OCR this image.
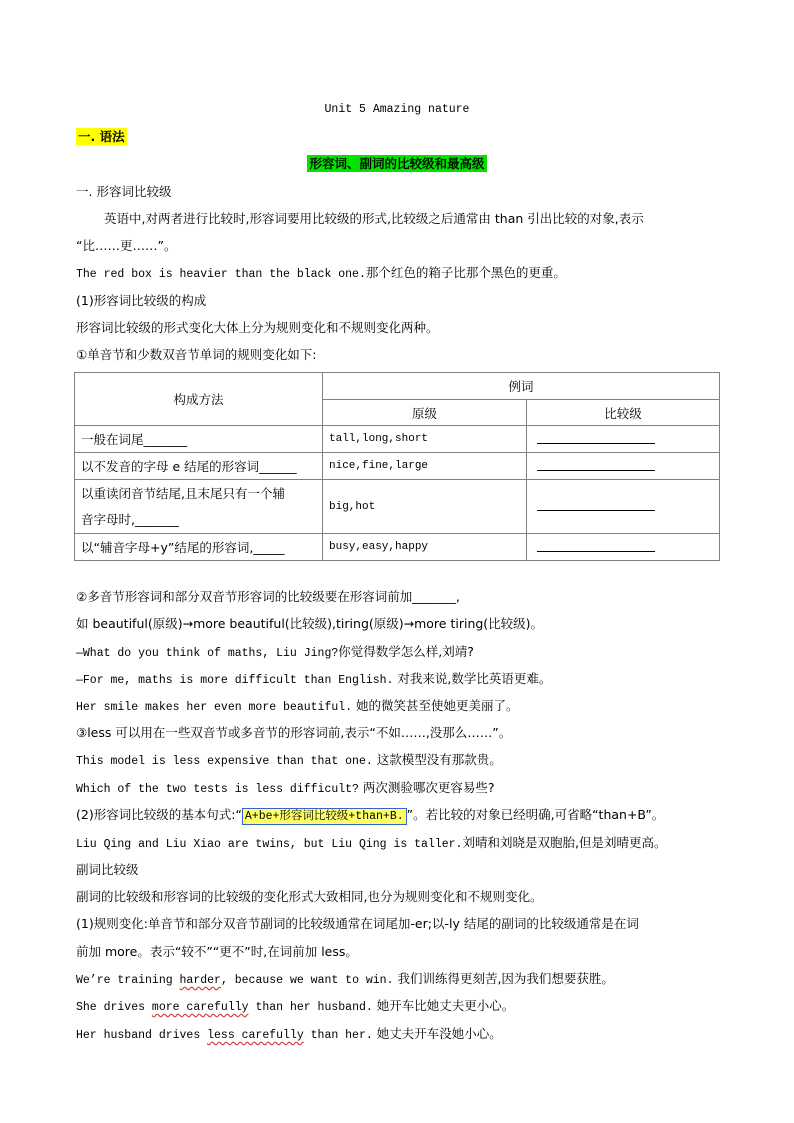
Unit 5 Amazing nature
一. 语法
形容词、副词的比较级和最高级
一. 形容词比较级
英语中,对两者进行比较时,形容词要用比较级的形式,比较级之后通常由 than 引出比较的对象,表示
“比……更……”。
The red box is heavier than the black one.那个红色的箱子比那个黑色的更重。
(1)形容词比较级的构成
形容词比较级的形式变化大体上分为规则变化和不规则变化两种。
①单音节和少数双音节单词的规则变化如下:
构成方法	例词	
	原级	比较级
一般在词尾_______	tall,long,short	
以不发音的字母 e 结尾的形容词______	nice,fine,large	

以重读闭音节结尾,且末尾只有一个辅
音字母时,_______	big,hot	
以“辅音字母+y”结尾的形容词,_____	busy,easy,happy	
②多音节形容词和部分双音节形容词的比较级要在形容词前加_______,
如 beautiful(原级)→more beautiful(比较级),tiring(原级)→more tiring(比较级)。
—What do you think of maths, Liu Jing?你觉得数学怎么样,刘靖?
—For me, maths is more difficult than English. 对我来说,数学比英语更难。
Her smile makes her even more beautiful. 她的微笑甚至使她更美丽了。
③less 可以用在一些双音节或多音节的形容词前,表示“不如……,没那么……”。
This model is less expensive than that one. 这款模型没有那款贵。
Which of the two tests is less difficult? 两次测验哪次更容易些?
(2)形容词比较级的基本句式:“ A+be+形容词比较级+than+B. ”。若比较的对象已经明确,可省略“than+B”。
Liu Qing and Liu Xiao are twins, but Liu Qing is taller.刘晴和刘晓是双胞胎,但是刘晴更高。
副词比较级
副词的比较级和形容词的比较级的变化形式大致相同,也分为规则变化和不规则变化。
(1)规则变化:单音节和部分双音节副词的比较级通常在词尾加-er;以-ly 结尾的副词的比较级通常是在词
前加 more。表示“较不”“更不”时,在词前加 less。
We’re training harder, because we want to win. 我们训练得更刻苦,因为我们想要获胜。
She drives more carefully than her husband. 她开车比她丈夫更小心。
Her husband drives less carefully than her. 她丈夫开车没她小心。
